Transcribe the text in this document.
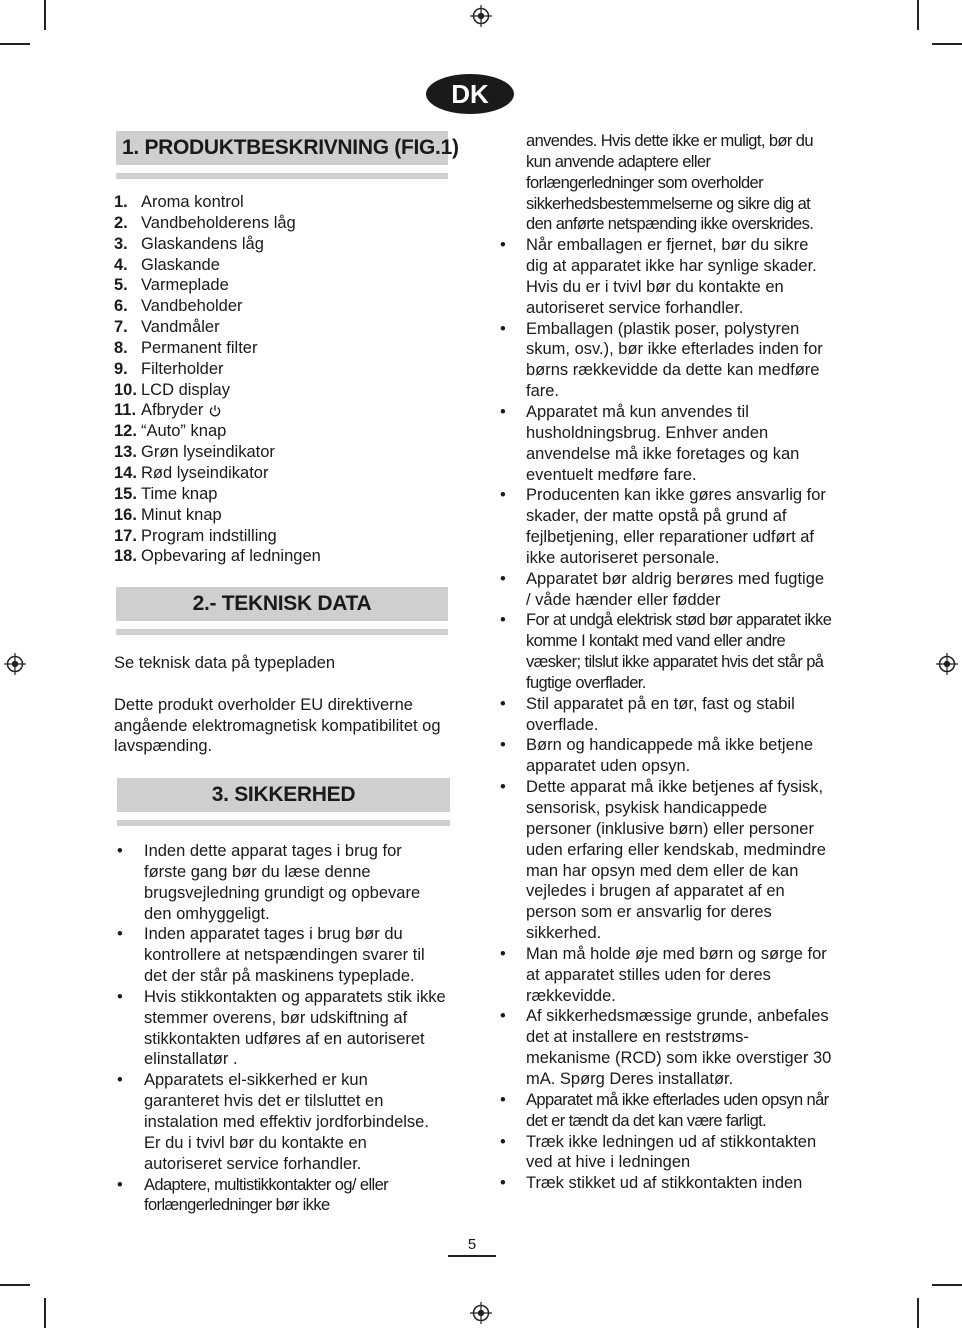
DK
1. PRODUKTBESKRIVNING (FIG.1)
1. Aroma kontrol
2. Vandbeholderens låg
3. Glaskandens låg
4. Glaskande
5. Varmeplade
6. Vandbeholder
7. Vandmåler
8. Permanent filter
9. Filterholder
10. LCD display
11. Afbryder
12. “Auto” knap
13. Grøn lyseindikator
14. Rød lyseindikator
15. Time knap
16. Minut knap
17. Program indstilling
18. Opbevaring af ledningen
2.- TEKNISK DATA

Se teknisk data på typepladen

Dette produkt overholder EU direktiverne angående elektromagnetisk kompatibilitet og lavspænding.

3. SIKKERHED
• Inden dette apparat tages i brug for første gang bør du læse denne brugsvejledning grundigt og opbevare den omhyggeligt.
• Inden apparatet tages i brug bør du kontrollere at netspændingen svarer til det der står på maskinens typeplade.
• Hvis stikkontakten og apparatets stik ikke stemmer overens, bør udskiftning af stikkontakten udføres af en autoriseret elinstallatør .
• Apparatets el-sikkerhed er kun garanteret hvis det er tilsluttet en instalation med effektiv jordforbindelse. Er du i tvivl bør du kontakte en autoriseret service forhandler.
• Adaptere, multistikkontakter og/ eller forlængerledninger bør ikke

anvendes. Hvis dette ikke er muligt, bør du kun anvende adaptere eller forlængerledninger som overholder sikkerhedsbestemmelserne og sikre dig at den anførte netspænding ikke overskrides.

• Når emballagen er fjernet, bør du sikre dig at apparatet ikke har synlige skader. Hvis du er i tvivl bør du kontakte en autoriseret service forhandler.
• Emballagen (plastik poser, polystyren skum, osv.), bør ikke efterlades inden for børns rækkevidde da dette kan medføre fare.
• Apparatet må kun anvendes til husholdningsbrug. Enhver anden anvendelse må ikke foretages og kan eventuelt medføre fare.
• Producenten kan ikke gøres ansvarlig for skader, der matte opstå på grund af fejlbetjening, eller reparationer udført af ikke autoriseret personale.
• Apparatet bør aldrig berøres med fugtige / våde hænder eller fødder
• For at undgå elektrisk stød bør apparatet ikke komme I kontakt med vand eller andre væsker; tilslut ikke apparatet hvis det står på fugtige overflader.
• Stil apparatet på en tør, fast og stabil overflade.
• Børn og handicappede må ikke betjene apparatet uden opsyn.
• Dette apparat må ikke betjenes af fysisk, sensorisk, psykisk handicappede personer (inklusive børn) eller personer uden erfaring eller kendskab, medmindre man har opsyn med dem eller de kan vejledes i brugen af apparatet af en person som er ansvarlig for deres sikkerhed.
• Man må holde øje med børn og sørge for at apparatet stilles uden for deres rækkevidde.
• Af sikkerhedsmæssige grunde, anbefales det at installere en reststrøms- mekanisme (RCD) som ikke overstiger 30 mA. Spørg Deres installatør.
• Apparatet må ikke efterlades uden opsyn når det er tændt da det kan være farligt.
• Træk ikke ledningen ud af stikkontakten ved at hive i ledningen
• Træk stikket ud af stikkontakten inden
5
